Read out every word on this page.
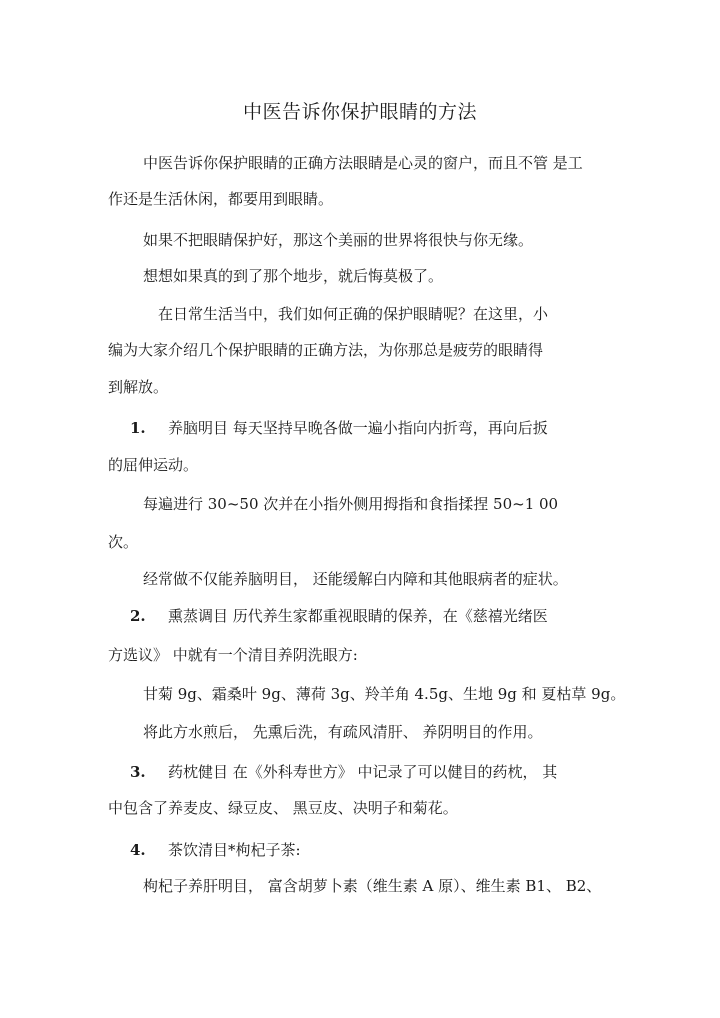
中医告诉你保护眼睛的方法
中医告诉你保护眼睛的正确方法眼睛是心灵的窗户，而且不管 是工
作还是生活休闲，都要用到眼睛。
如果不把眼睛保护好，那这个美丽的世界将很快与你无缘。
想想如果真的到了那个地步，就后悔莫极了。
在日常生活当中，我们如何正确的保护眼睛呢？在这里，小
编为大家介绍几个保护眼睛的正确方法，为你那总是疲劳的眼睛得
到解放。
1. 养脑明目 每天坚持早晚各做一遍小指向内折弯，再向后扳
的屈伸运动。
每遍进行 30~50 次并在小指外侧用拇指和食指揉捏 50~1 00
次。
经常做不仅能养脑明目， 还能缓解白内障和其他眼病者的症状。
2. 熏蒸调目 历代养生家都重视眼睛的保养，在《慈禧光绪医
方选议》 中就有一个清目养阴洗眼方:
甘菊 9g、霜桑叶 9g、薄荷 3g、羚羊角 4.5g、生地 9g 和 夏枯草 9g。
将此方水煎后， 先熏后洗，有疏风清肝、 养阴明目的作用。
3. 药枕健目 在《外科寿世方》 中记录了可以健目的药枕， 其
中包含了养麦皮、绿豆皮、 黑豆皮、决明子和菊花。
4. 茶饮清目*枸杞子茶:
枸杞子养肝明目， 富含胡萝卜素（维生素 A 原）、维生素 B1、 B2、
